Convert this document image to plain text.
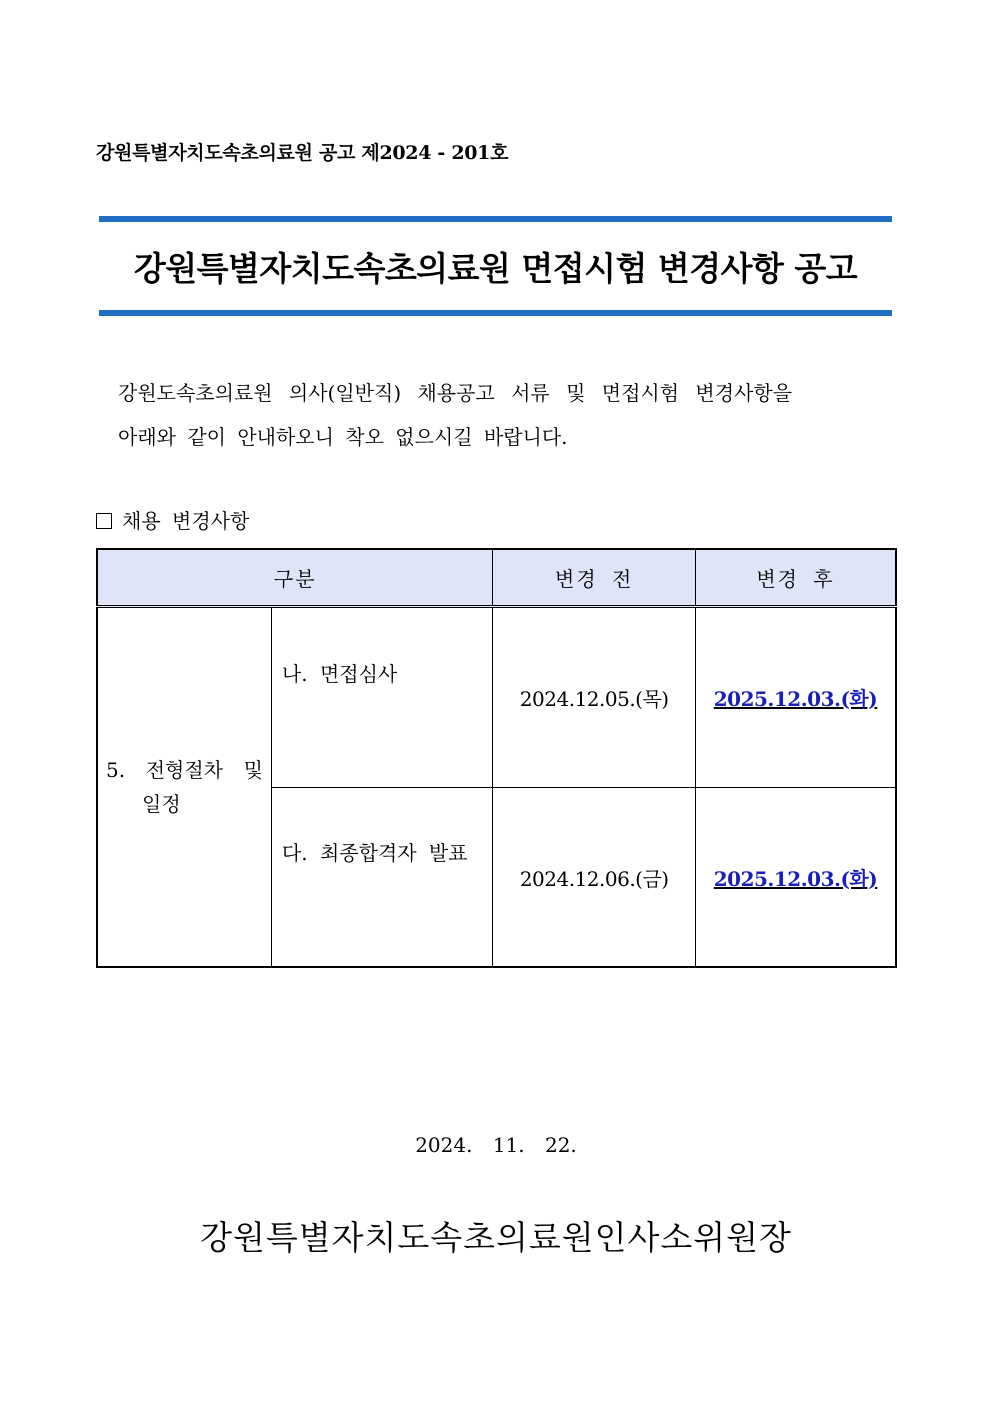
강원특별자치도속초의료원 공고 제2024 - 201호
강원특별자치도속초의료원 면접시험 변경사항 공고
강원도속초의료원 의사(일반직) 채용공고 서류 및 면접시험 변경사항을
아래와 같이 안내하오니 착오 없으시길 바랍니다.
채용 변경사항
구분		변경 전	변경 후

5. 전형절차 및
일정	나. 면접심사	2024.12.05.(목)	2025.12.03.(화)
	다. 최종합격자 발표	2024.12.06.(금)	2025.12.03.(화)
2024. 11. 22.
강원특별자치도속초의료원인사소위원장
